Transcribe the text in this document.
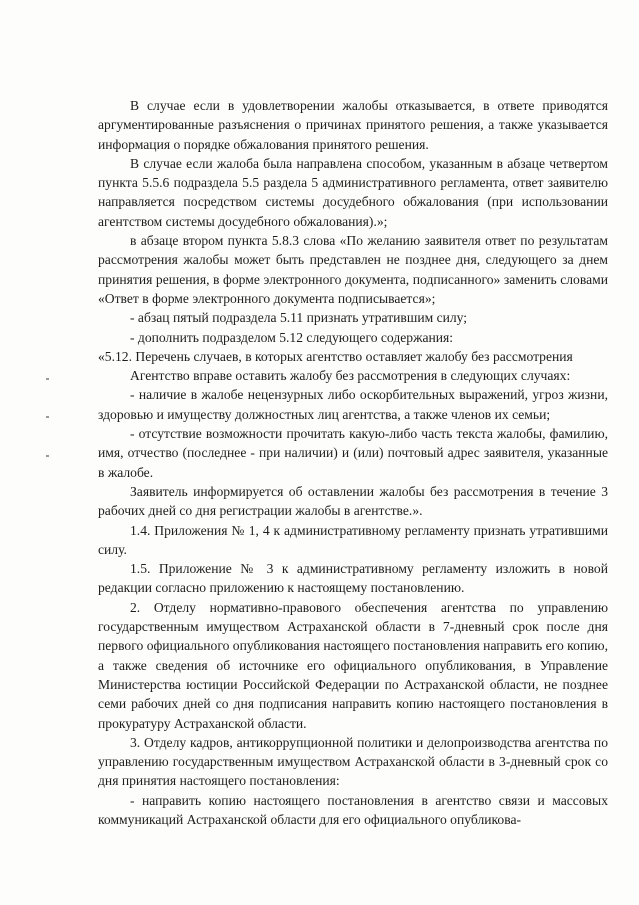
В случае если в удовлетворении жалобы отказывается, в ответе приводятся аргументированные разъяснения о причинах принятого решения, а также указывается информация о порядке обжалования принятого решения.

В случае если жалоба была направлена способом, указанным в абзаце четвертом пункта 5.5.6 подраздела 5.5 раздела 5 административного регламента, ответ заявителю направляется посредством системы досудебного обжалования (при использовании агентством системы досудебного обжалования).»;

в абзаце втором пункта 5.8.3 слова «По желанию заявителя ответ по результатам рассмотрения жалобы может быть представлен не позднее дня, следующего за днем принятия решения, в форме электронного документа, подписанного» заменить словами «Ответ в форме электронного документа подписывается»;

- абзац пятый подраздела 5.11 признать утратившим силу;

- дополнить подразделом 5.12 следующего содержания:

«5.12. Перечень случаев, в которых агентство оставляет жалобу без рассмотрения

Агентство вправе оставить жалобу без рассмотрения в следующих случаях:

- наличие в жалобе нецензурных либо оскорбительных выражений, угроз жизни, здоровью и имуществу должностных лиц агентства, а также членов их семьи;

- отсутствие возможности прочитать какую-либо часть текста жалобы, фамилию, имя, отчество (последнее - при наличии) и (или) почтовый адрес заявителя, указанные в жалобе.

Заявитель информируется об оставлении жалобы без рассмотрения в течение 3 рабочих дней со дня регистрации жалобы в агентстве.».

1.4. Приложения № 1, 4 к административному регламенту признать утратившими силу.

1.5. Приложение № 3 к административному регламенту изложить в новой редакции согласно приложению к настоящему постановлению.

2. Отделу нормативно-правового обеспечения агентства по управлению государственным имуществом Астраханской области в 7-дневный срок после дня первого официального опубликования настоящего постановления направить его копию, а также сведения об источнике его официального опубликования, в Управление Министерства юстиции Российской Федерации по Астраханской области, не позднее семи рабочих дней со дня подписания направить копию настоящего постановления в прокуратуру Астраханской области.

3. Отделу кадров, антикоррупционной политики и делопроизводства агентства по управлению государственным имуществом Астраханской области в 3-дневный срок со дня принятия настоящего постановления:

- направить копию настоящего постановления в агентство связи и массовых коммуникаций Астраханской области для его официального опубликова-
